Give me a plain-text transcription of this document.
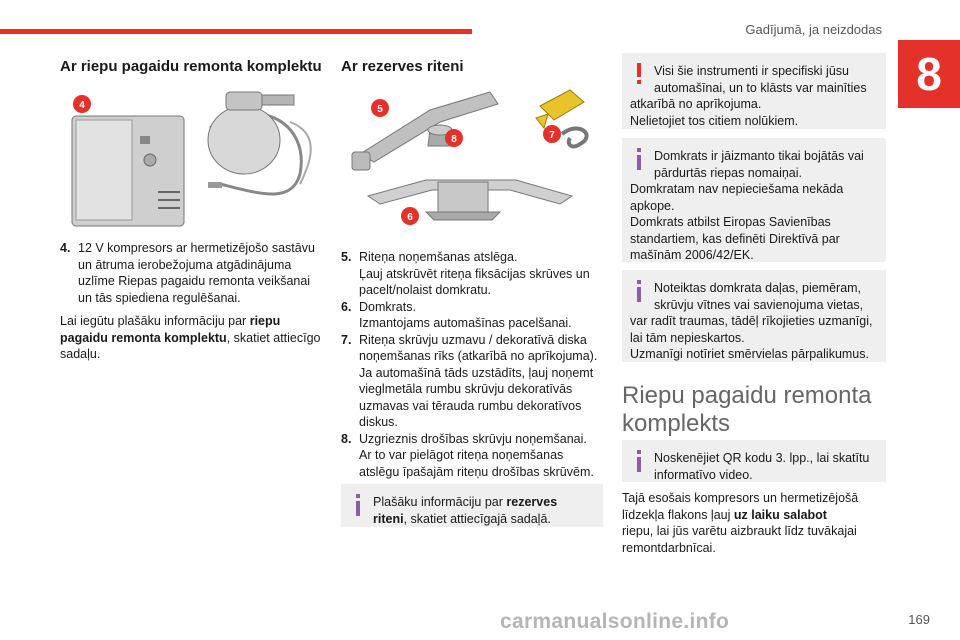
Gadījumā, ja neizdodas
8
Ar riepu pagaidu remonta komplektu
4
4. 12 V kompresors ar hermetizējošo sastāvu un ātruma ierobežojuma atgādinājuma uzlīme Riepas pagaidu remonta veikšanai un tās spiediena regulēšanai.
Lai iegūtu plašāku informāciju par riepu pagaidu remonta komplektu, skatiet attiecīgo sadaļu.
Ar rezerves riteni
5
8	7
6
5. Riteņa noņemšanas atslēga.
Ļauj atskrūvēt riteņa fiksācijas skrūves un pacelt/nolaist domkratu.
6. Domkrats.
Izmantojams automašīnas pacelšanai.
7. Riteņa skrūvju uzmavu / dekoratīvā diska noņemšanas rīks (atkarībā no aprīkojuma).
Ja automašīnā tāds uzstādīts, ļauj noņemt vieglmetāla rumbu skrūvju dekoratīvās uzmavas vai tērauda rumbu dekoratīvos diskus.
8. Uzgrieznis drošības skrūvju noņemšanai.
Ar to var pielāgot riteņa noņemšanas atslēgu īpašajām riteņu drošības skrūvēm.
Plašāku informāciju par rezerves riteni, skatiet attiecīgajā sadaļā.
Visi šie instrumenti ir specifiski jūsu automašīnai, un to klāsts var mainīties
atkarībā no aprīkojuma.
Nelietojiet tos citiem nolūkiem.
Domkrats ir jāizmanto tikai bojātās vai pārdurtās riepas nomaiņai.
Domkratam nav nepieciešama nekāda apkope.
Domkrats atbilst Eiropas Savienības standartiem, kas definēti Direktīvā par mašīnām 2006/42/EK.
Noteiktas domkrata daļas, piemēram, skrūvju vītnes vai savienojuma vietas,
var radīt traumas, tādēļ rīkojieties uzmanīgi, lai tām nepieskartos.
Uzmanīgi notīriet smērvielas pārpalikumus.
Riepu pagaidu remonta komplekts
Noskenējiet QR kodu 3. lpp., lai skatītu informatīvo video.
Tajā esošais kompresors un hermetizējošā līdzekļa flakons ļauj uz laiku salabot
riepu, lai jūs varētu aizbraukt līdz tuvākajai remontdarbnīcai.
carmanualsonline.info	169
